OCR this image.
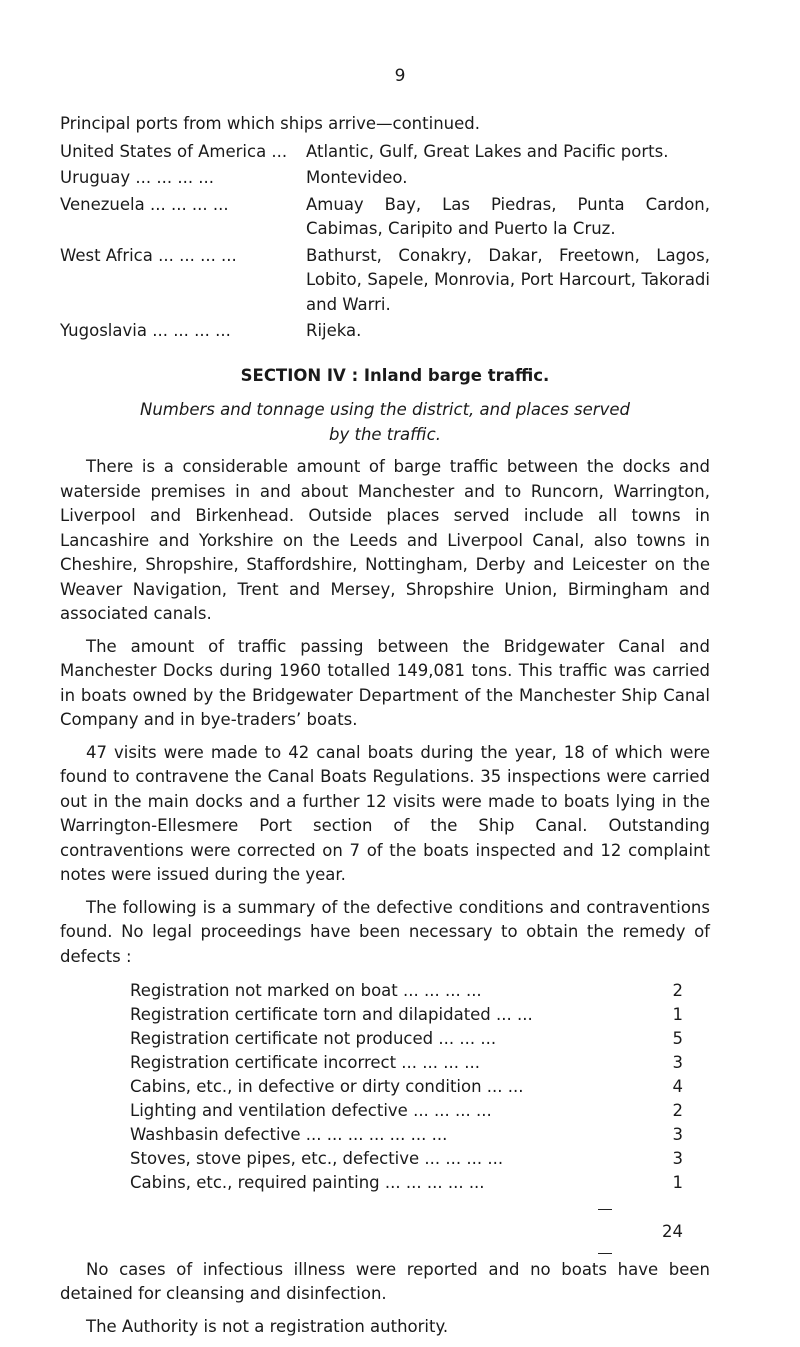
9

Principal ports from which ships arrive—continued.

United States of America ...	Atlantic, Gulf, Great Lakes and Pacific ports.
Uruguay ... ... ... ...	Montevideo.
Venezuela ... ... ... ...	Amuay Bay, Las Piedras, Punta Cardon, Cabimas, Caripito and Puerto la Cruz.
West Africa ... ... ... ...	Bathurst, Conakry, Dakar, Freetown, Lagos, Lobito, Sapele, Monrovia, Port Harcourt, Takoradi and Warri.
Yugoslavia ... ... ... ...	Rijeka.
SECTION IV : Inland barge traffic.
Numbers and tonnage using the district, and places served by the traffic.

There is a considerable amount of barge traffic between the docks and waterside premises in and about Manchester and to Runcorn, Warrington, Liverpool and Birkenhead. Outside places served include all towns in Lancashire and Yorkshire on the Leeds and Liverpool Canal, also towns in Cheshire, Shropshire, Staffordshire, Nottingham, Derby and Leicester on the Weaver Navigation, Trent and Mersey, Shropshire Union, Birmingham and associated canals.

The amount of traffic passing between the Bridgewater Canal and Manchester Docks during 1960 totalled 149,081 tons. This traffic was carried in boats owned by the Bridgewater Department of the Manchester Ship Canal Company and in bye-traders’ boats.

47 visits were made to 42 canal boats during the year, 18 of which were found to contravene the Canal Boats Regulations. 35 inspections were carried out in the main docks and a further 12 visits were made to boats lying in the Warrington-Ellesmere Port section of the Ship Canal. Outstanding contraventions were corrected on 7 of the boats inspected and 12 complaint notes were issued during the year.

The following is a summary of the defective conditions and contraventions found. No legal proceedings have been necessary to obtain the remedy of defects :

Registration not marked on boat ... ... ... ...	2
Registration certificate torn and dilapidated ... ...	1
Registration certificate not produced ... ... ...	5
Registration certificate incorrect ... ... ... ...	3
Cabins, etc., in defective or dirty condition ... ...	4
Lighting and ventilation defective ... ... ... ...	2
Washbasin defective ... ... ... ... ... ... ...	3
Stoves, stove pipes, etc., defective ... ... ... ...	3
Cabins, etc., required painting ... ... ... ... ...	1
24

No cases of infectious illness were reported and no boats have been detained for cleansing and disinfection.

The Authority is not a registration authority.
